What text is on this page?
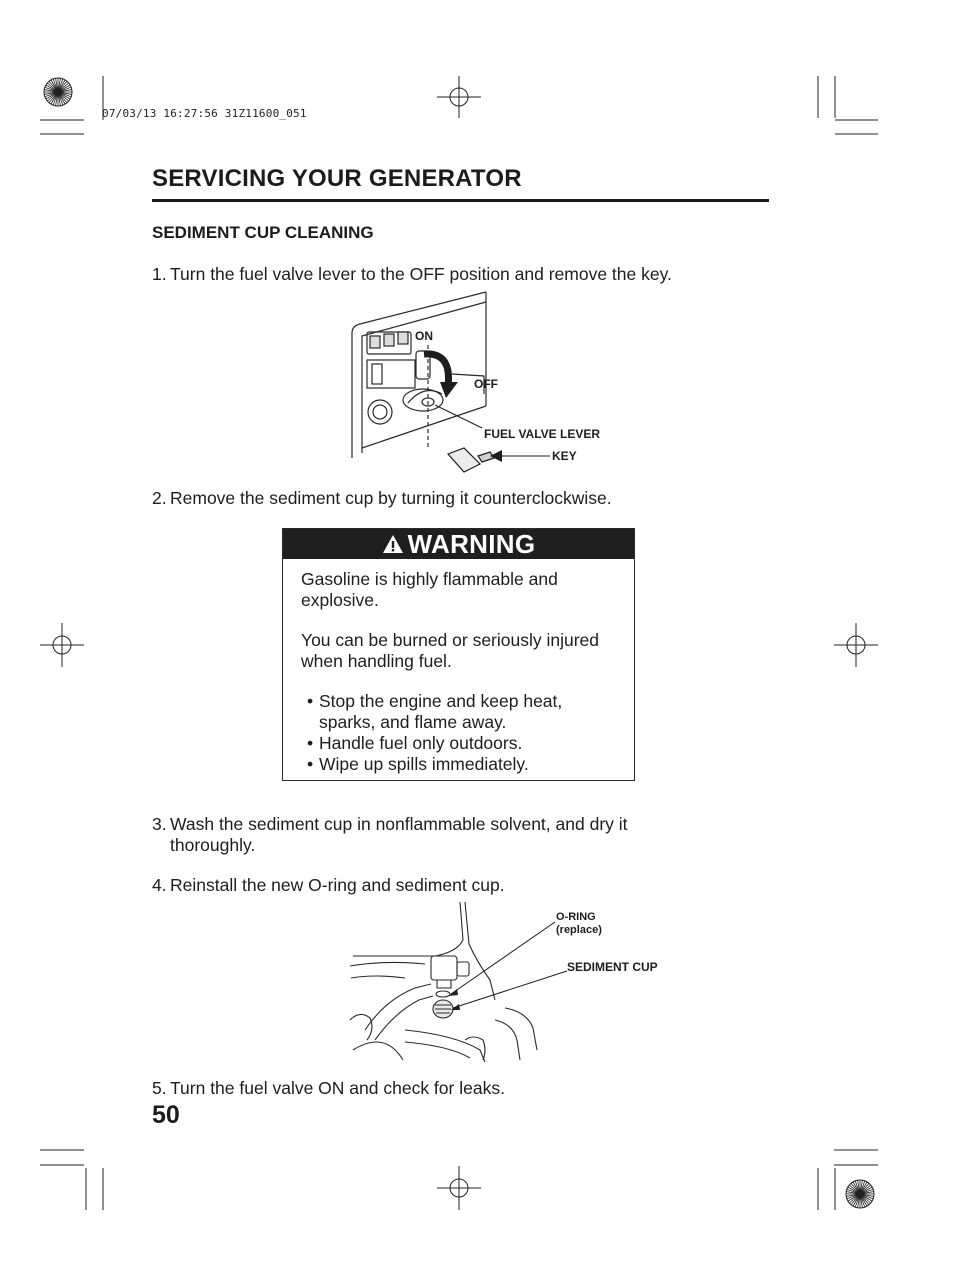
07/03/13 16:27:56 31Z11600_051
SERVICING YOUR GENERATOR
SEDIMENT CUP CLEANING
1. Turn the fuel valve lever to the OFF position and remove the key.
ON
OFF
FUEL VALVE LEVER
KEY
2. Remove the sediment cup by turning it counterclockwise.
WARNING

Gasoline is highly flammable and explosive.

You can be burned or seriously injured when handling fuel.

• Stop the engine and keep heat, sparks, and flame away.
• Handle fuel only outdoors.
• Wipe up spills immediately.
3. Wash the sediment cup in nonflammable solvent, and dry it
thoroughly.
4. Reinstall the new O-ring and sediment cup.
O-RING
(replace)
SEDIMENT CUP
5. Turn the fuel valve ON and check for leaks.
50
